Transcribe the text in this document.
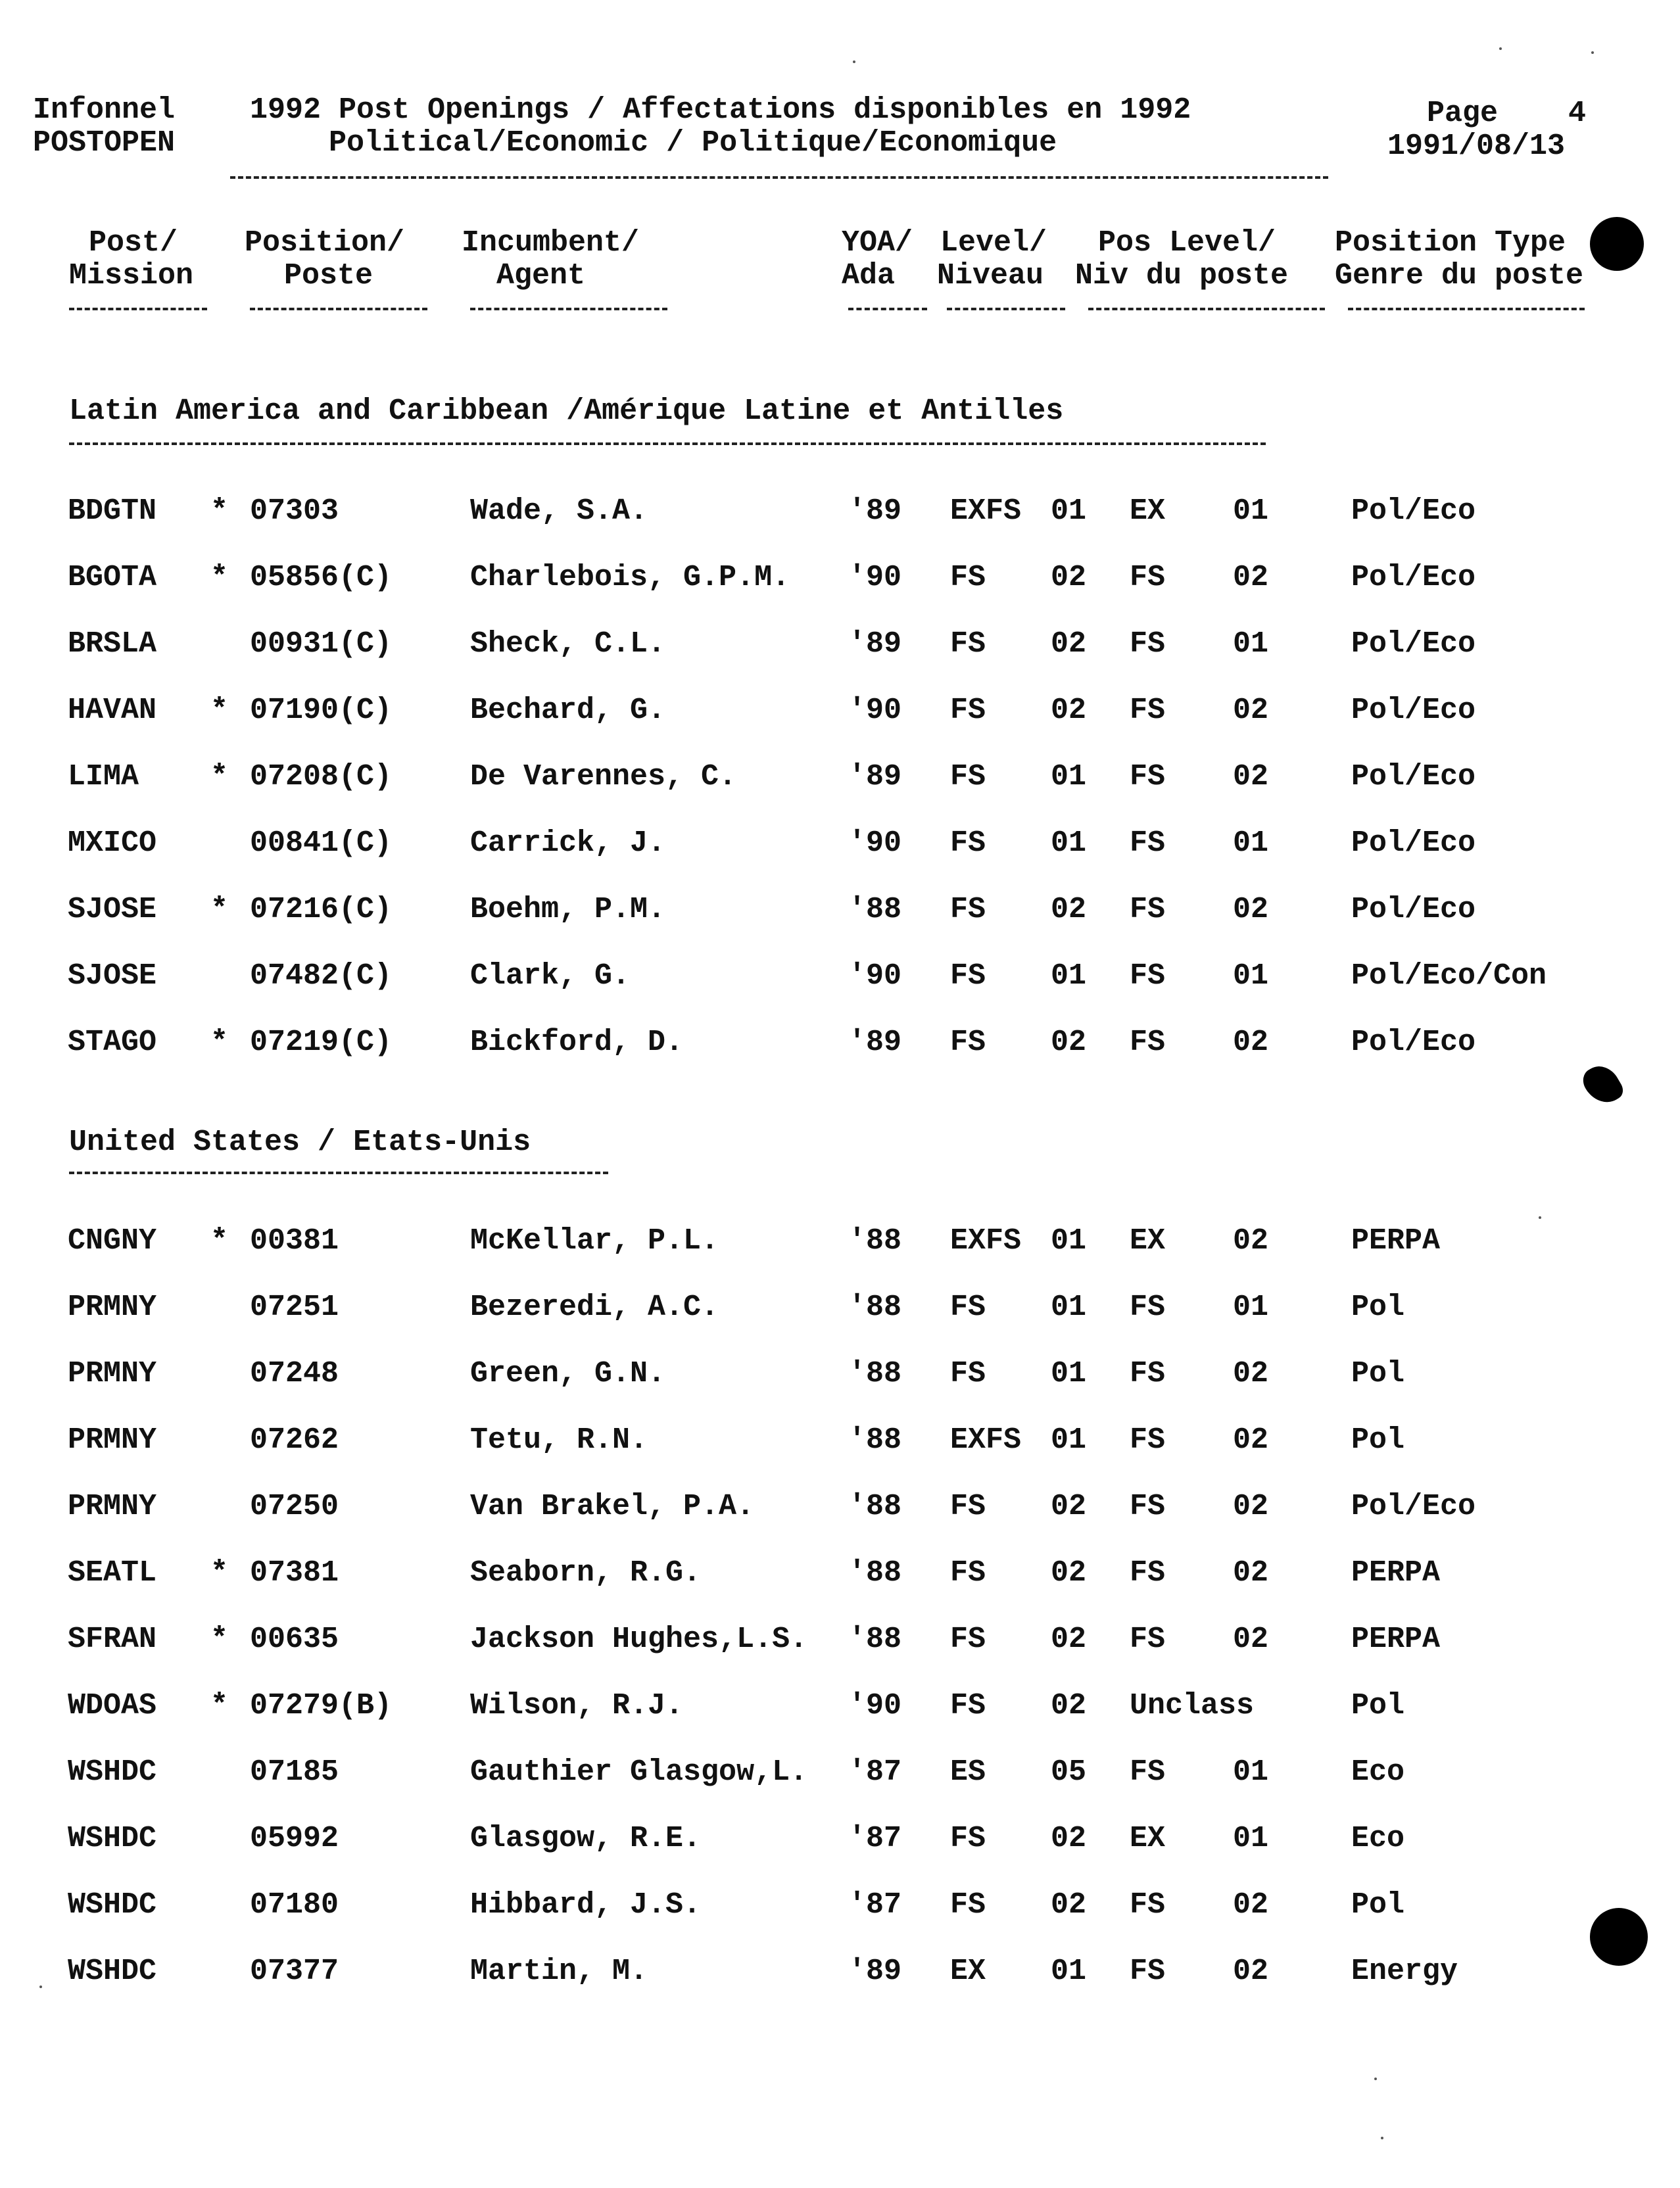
Infonnel
POSTOPEN
1992 Post Openings / Affectations disponibles en 1992
Political/Economic / Politique/Economique
Page 4
1991/08/13
Post/
Mission
Position/
Poste
Incumbent/
Agent
YOA/
Ada
Level/
Niveau
Pos Level/
Niv du poste
Position Type
Genre du poste
Latin America and Caribbean /Amérique Latine et Antilles
United States / Etats-Unis
BDGTN * 07303	Wade, S.A.	'89 EXFS 01 EX 01	Pol/Eco
BGOTA * 05856(C)	Charlebois, G.P.M. '90 FS 02 FS 02	Pol/Eco
BRSLA	00931(C)	Sheck, C.L.	'89 FS 02 FS 01	Pol/Eco
HAVAN * 07190(C)	Bechard, G.	'90 FS 02 FS 02	Pol/Eco
LIMA * 07208(C)	De Varennes, C.	'89 FS 01 FS 02	Pol/Eco
MXICO	00841(C)	Carrick, J.	'90 FS 01 FS 01	Pol/Eco
SJOSE * 07216(C)	Boehm, P.M.	'88 FS 02 FS 02	Pol/Eco
SJOSE	07482(C)	Clark, G.	'90 FS 01 FS 01	Pol/Eco/Con
STAGO * 07219(C)	Bickford, D.	'89 FS 02 FS 02	Pol/Eco
CNGNY * 00381	McKellar, P.L.	'88 EXFS 01 EX 02	PERPA
PRMNY	07251	Bezeredi, A.C.	'88 FS 01 FS 01	Pol
PRMNY	07248	Green, G.N.	'88 FS 01 FS 02	Pol
PRMNY	07262	Tetu, R.N.	'88 EXFS 01 FS 02	Pol
PRMNY	07250	Van Brakel, P.A.	'88 FS 02 FS 02	Pol/Eco
SEATL * 07381	Seaborn, R.G.	'88 FS 02 FS 02	PERPA
SFRAN * 00635	Jackson Hughes,L.S. '88 FS 02 FS 02	PERPA
WDOAS * 07279(B)	Wilson, R.J.	'90 FS 02 Unclass	Pol
WSHDC	07185	Gauthier Glasgow,L. '87 ES 05 FS 01	Eco
WSHDC	05992	Glasgow, R.E.	'87 FS 02 EX 01	Eco
WSHDC	07180	Hibbard, J.S.	'87 FS 02 FS 02	Pol
WSHDC	07377	Martin, M.	'89 EX 01 FS 02	Energy
